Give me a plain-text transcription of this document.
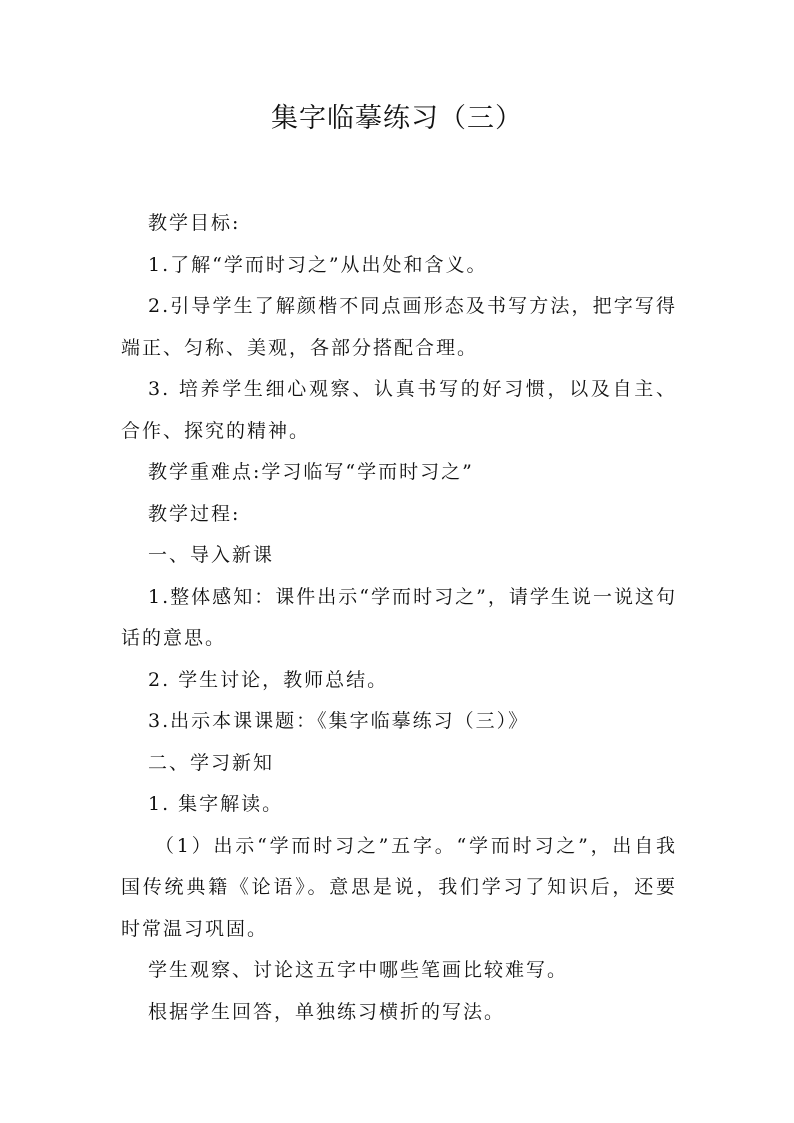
集字临摹练习（三）

教学目标:

1.了解“学而时习之”从出处和含义。

2.引导学生了解颜楷不同点画形态及书写方法，把字写得端正、匀称、美观，各部分搭配合理。

3. 培养学生细心观察、认真书写的好习惯，以及自主、合作、探究的精神。

教学重难点:学习临写“学而时习之”

教学过程:

一、导入新课

1.整体感知：课件出示“学而时习之”，请学生说一说这句话的意思。

2. 学生讨论，教师总结。

3.出示本课课题：《集字临摹练习（三）》

二、学习新知

1. 集字解读。

（1）出示“学而时习之”五字。“学而时习之”，出自我国传统典籍《论语》。意思是说，我们学习了知识后，还要时常温习巩固。

学生观察、讨论这五字中哪些笔画比较难写。

根据学生回答，单独练习横折的写法。
